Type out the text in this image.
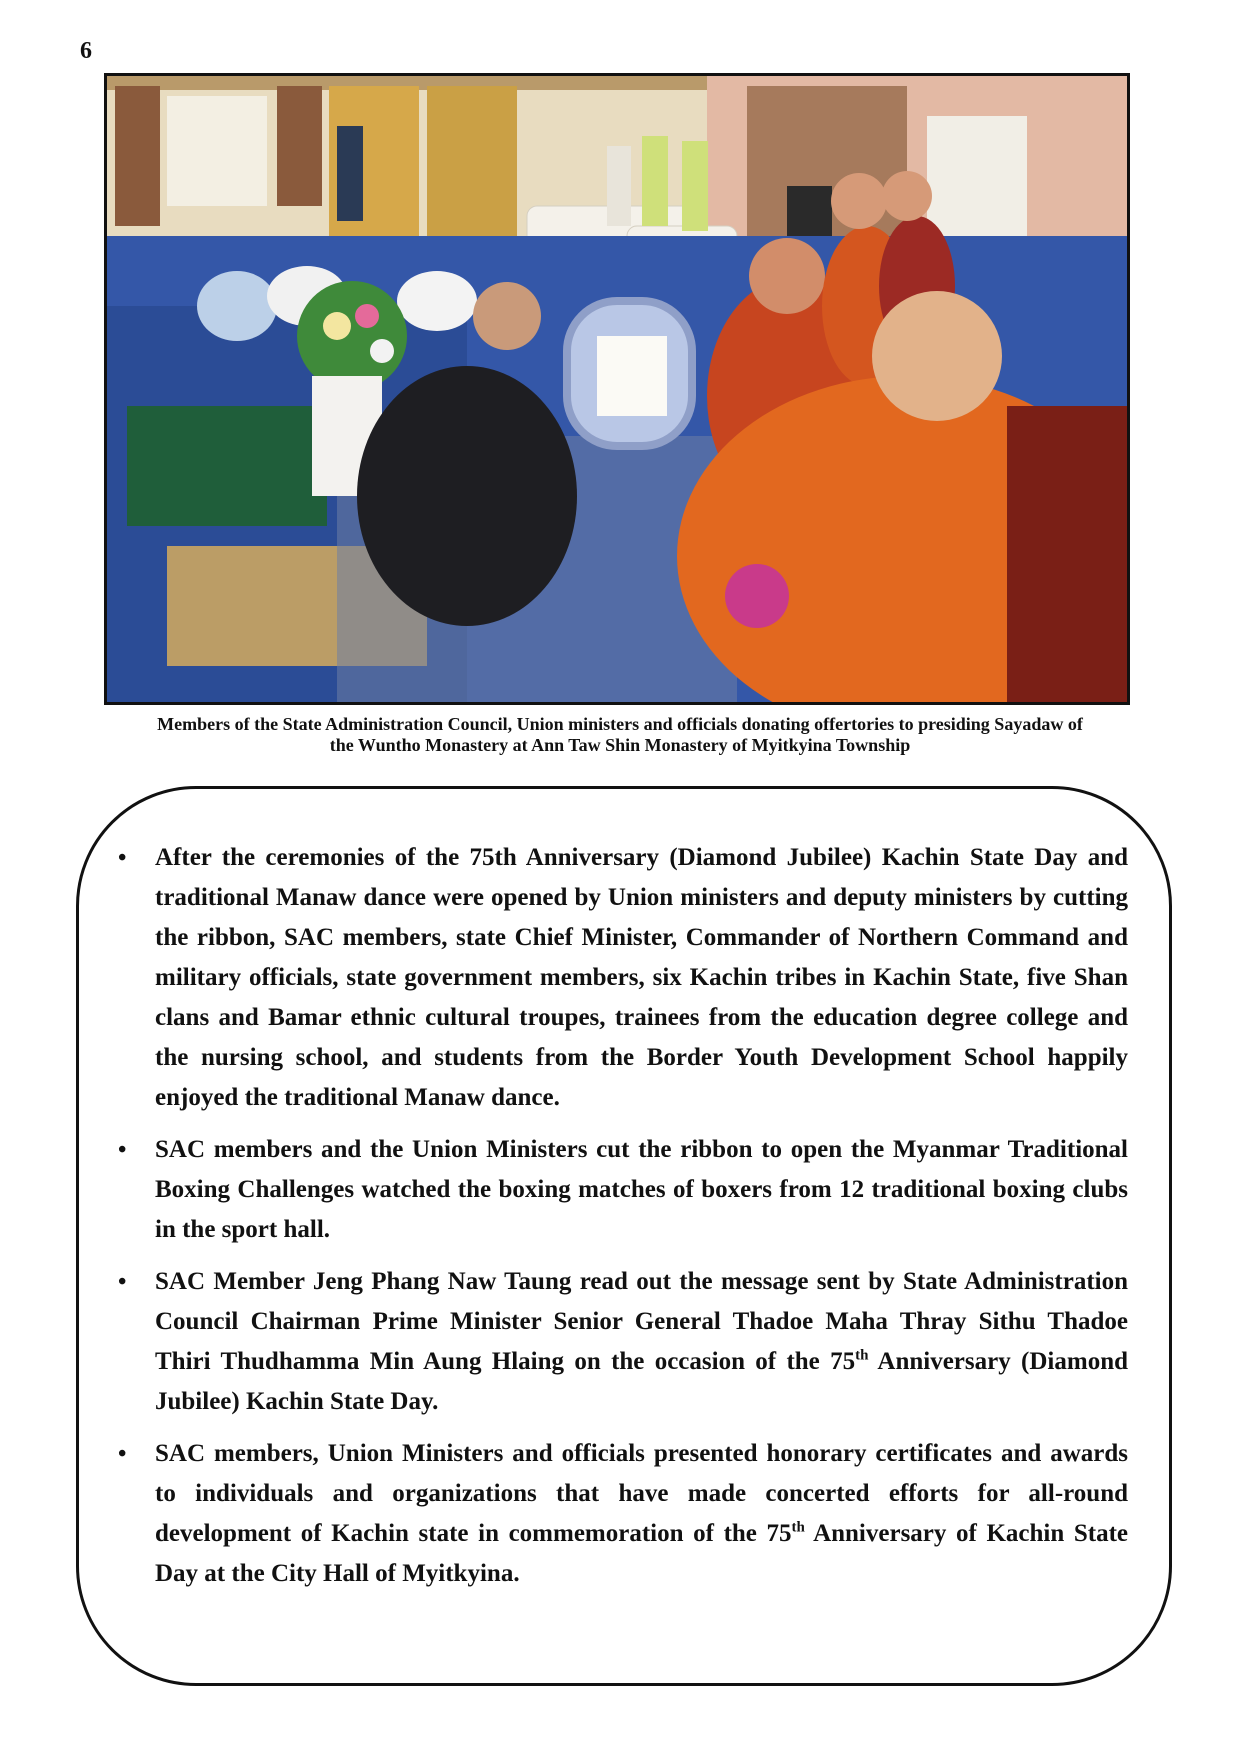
6
Members of the State Administration Council, Union ministers and officials donating offertories to presiding Sayadaw of
the Wuntho Monastery at Ann Taw Shin Monastery of Myitkyina Township
• After the ceremonies of the 75th Anniversary (Diamond Jubilee) Kachin State Day and traditional Manaw dance were opened by Union ministers and deputy ministers by cutting the ribbon, SAC members, state Chief Minister, Commander of Northern Command and military officials, state government members, six Kachin tribes in Kachin State, five Shan clans and Bamar ethnic cultural troupes, trainees from the education degree college and the nursing school, and students from the Border Youth Development School happily enjoyed the traditional Manaw dance.
• SAC members and the Union Ministers cut the ribbon to open the Myanmar Traditional Boxing Challenges watched the boxing matches of boxers from 12 traditional boxing clubs in the sport hall.
• SAC Member Jeng Phang Naw Taung read out the message sent by State Administration Council Chairman Prime Minister Senior General Thadoe Maha Thray Sithu Thadoe Thiri Thudhamma Min Aung Hlaing on the occasion of the 75th Anniversary (Diamond Jubilee) Kachin State Day.
• SAC members, Union Ministers and officials presented honorary certificates and awards to individuals and organizations that have made concerted efforts for all-round development of Kachin state in commemoration of the 75th Anniversary of Kachin State Day at the City Hall of Myitkyina.
